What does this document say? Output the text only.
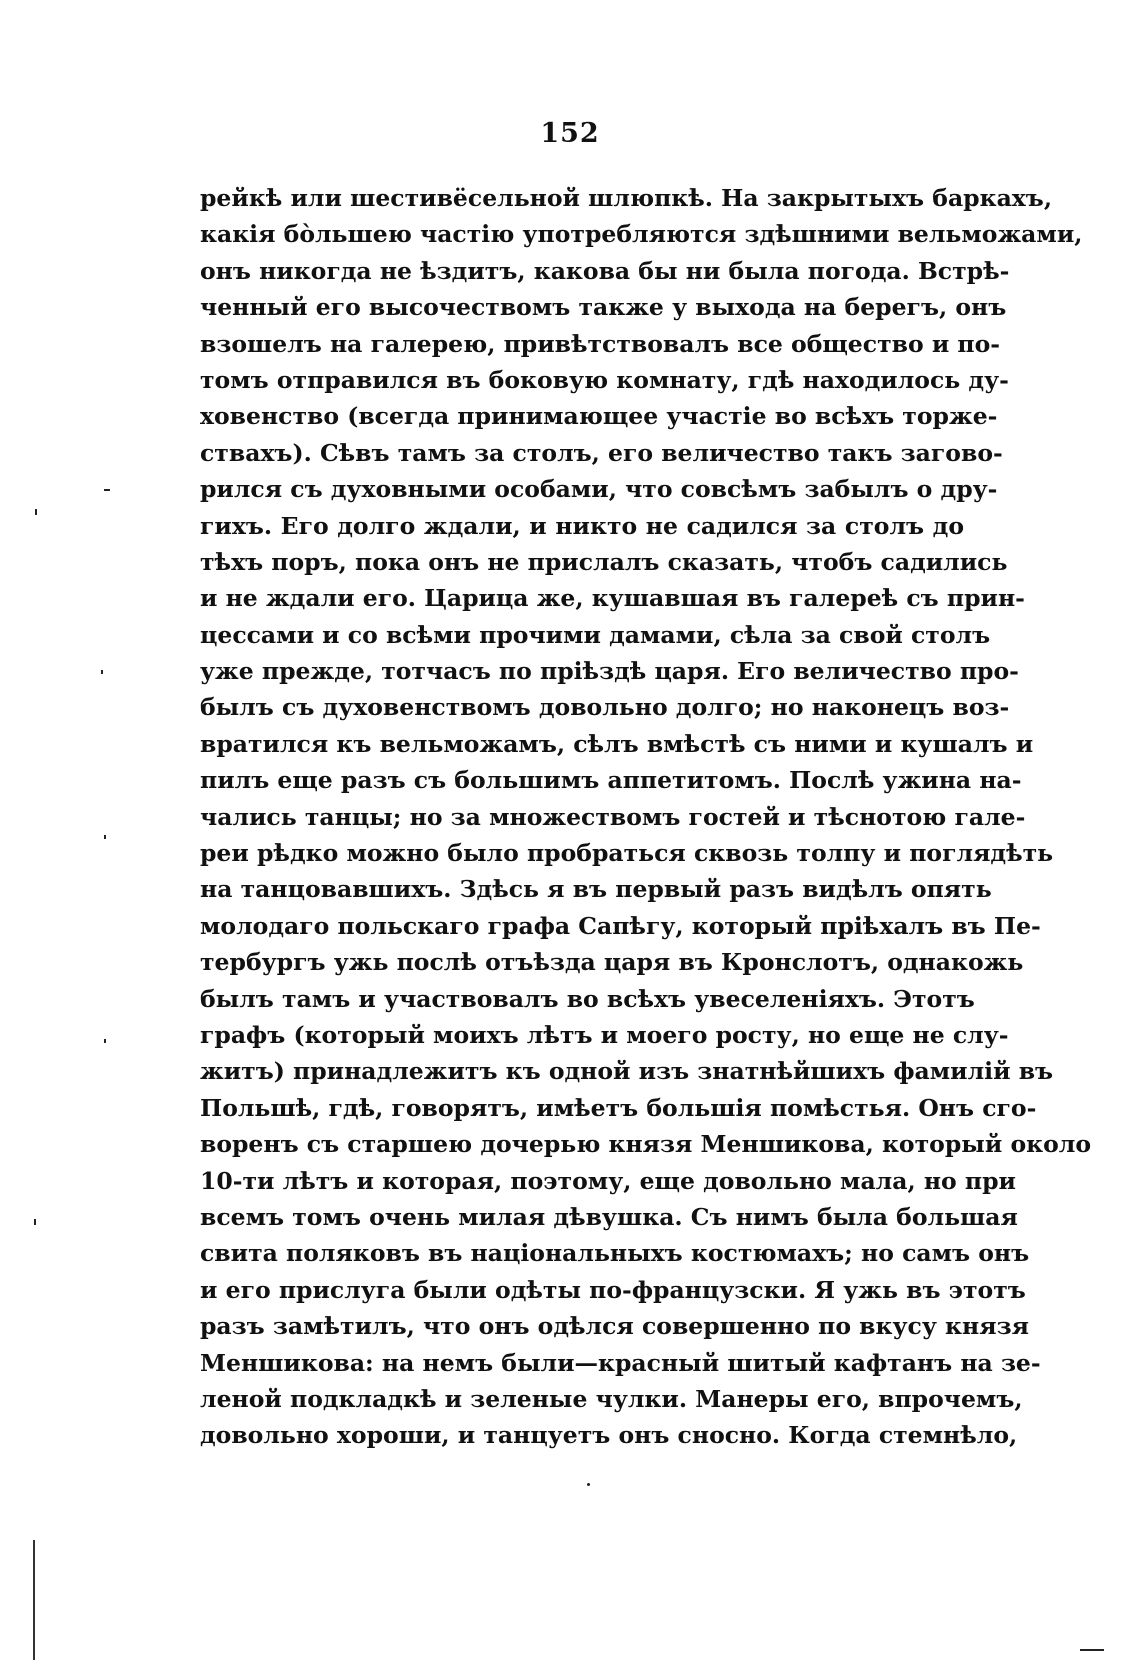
152
рейкѣ или шестивёсельной шлюпкѣ. На закрытыхъ баркахъ,
какія бо̀льшею частію употребляются здѣшними вельможами,
онъ никогда не ѣздитъ, какова бы ни была погода. Встрѣ-
ченный его высочествомъ также у выхода на берегъ, онъ
взошелъ на галерею, привѣтствовалъ все общество и по-
томъ отправился въ боковую комнату, гдѣ находилось ду-
ховенство (всегда принимающее участіе во всѣхъ торже-
ствахъ). Сѣвъ тамъ за столъ, его величество такъ загово-
рился съ духовными особами, что совсѣмъ забылъ о дру-
гихъ. Его долго ждали, и никто не садился за столъ до
тѣхъ поръ, пока онъ не прислалъ сказать, чтобъ садились
и не ждали его. Царица же, кушавшая въ галереѣ съ прин-
цессами и со всѣми прочими дамами, сѣла за свой столъ
уже прежде, тотчасъ по пріѣздѣ царя. Его величество про-
былъ съ духовенствомъ довольно долго; но наконецъ воз-
вратился къ вельможамъ, сѣлъ вмѣстѣ съ ними и кушалъ и
пилъ еще разъ съ большимъ аппетитомъ. Послѣ ужина на-
чались танцы; но за множествомъ гостей и тѣснотою гале-
реи рѣдко можно было пробраться сквозь толпу и поглядѣть
на танцовавшихъ. Здѣсь я въ первый разъ видѣлъ опять
молодаго польскаго графа Сапѣгу, который пріѣхалъ въ Пе-
тербургъ ужь послѣ отъѣзда царя въ Кронслотъ, однакожь
былъ тамъ и участвовалъ во всѣхъ увеселеніяхъ. Этотъ
графъ (который моихъ лѣтъ и моего росту, но еще не слу-
житъ) принадлежитъ къ одной изъ знатнѣйшихъ фамилій въ
Польшѣ, гдѣ, говорятъ, имѣетъ большія помѣстья. Онъ сго-
воренъ съ старшею дочерью князя Меншикова, который около
10-ти лѣтъ и которая, поэтому, еще довольно мала, но при
всемъ томъ очень милая дѣвушка. Съ нимъ была большая
свита поляковъ въ національныхъ костюмахъ; но самъ онъ
и его прислуга были одѣты по-французски. Я ужь въ этотъ
разъ замѣтилъ, что онъ одѣлся совершенно по вкусу князя
Меншикова: на немъ были—красный шитый кафтанъ на зе-
леной подкладкѣ и зеленые чулки. Манеры его, впрочемъ,
довольно хороши, и танцуетъ онъ сносно. Когда стемнѣло,
